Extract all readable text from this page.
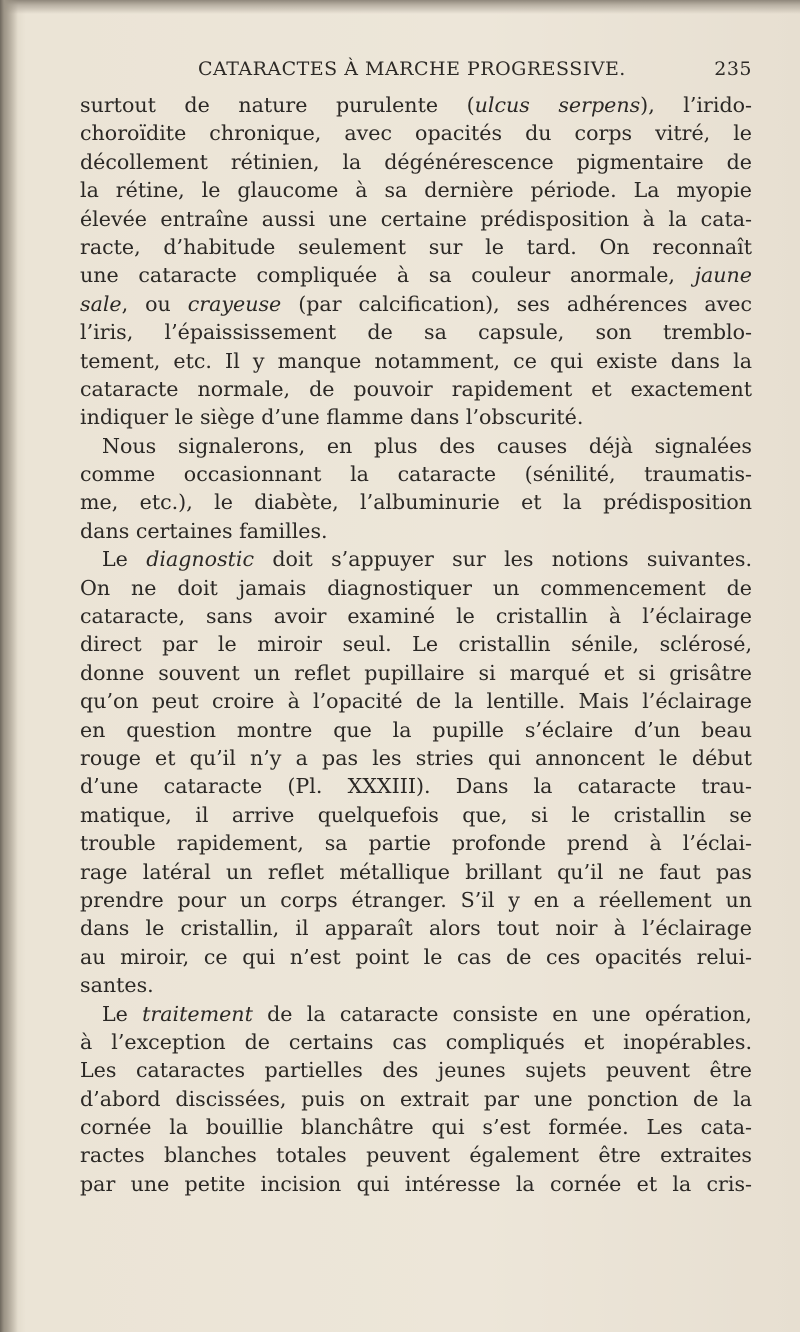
CATARACTES À MARCHE PROGRESSIVE.	235
surtout de nature purulente (ulcus serpens), l’irido-
choroïdite chronique, avec opacités du corps vitré, le
décollement rétinien, la dégénérescence pigmentaire de
la rétine, le glaucome à sa dernière période. La myopie
élevée entraîne aussi une certaine prédisposition à la cata-
racte, d’habitude seulement sur le tard. On reconnaît
une cataracte compliquée à sa couleur anormale, jaune
sale, ou crayeuse (par calcification), ses adhérences avec
l’iris, l’épaississement de sa capsule, son tremblo-
tement, etc. Il y manque notamment, ce qui existe dans la
cataracte normale, de pouvoir rapidement et exactement
indiquer le siège d’une flamme dans l’obscurité.
Nous signalerons, en plus des causes déjà signalées
comme occasionnant la cataracte (sénilité, traumatis-
me, etc.), le diabète, l’albuminurie et la prédisposition
dans certaines familles.
Le diagnostic doit s’appuyer sur les notions suivantes.
On ne doit jamais diagnostiquer un commencement de
cataracte, sans avoir examiné le cristallin à l’éclairage
direct par le miroir seul. Le cristallin sénile, sclérosé,
donne souvent un reflet pupillaire si marqué et si grisâtre
qu’on peut croire à l’opacité de la lentille. Mais l’éclairage
en question montre que la pupille s’éclaire d’un beau
rouge et qu’il n’y a pas les stries qui annoncent le début
d’une cataracte (Pl. XXXIII). Dans la cataracte trau-
matique, il arrive quelquefois que, si le cristallin se
trouble rapidement, sa partie profonde prend à l’éclai-
rage latéral un reflet métallique brillant qu’il ne faut pas
prendre pour un corps étranger. S’il y en a réellement un
dans le cristallin, il apparaît alors tout noir à l’éclairage
au miroir, ce qui n’est point le cas de ces opacités relui-
santes.
Le traitement de la cataracte consiste en une opération,
à l’exception de certains cas compliqués et inopérables.
Les cataractes partielles des jeunes sujets peuvent être
d’abord discissées, puis on extrait par une ponction de la
cornée la bouillie blanchâtre qui s’est formée. Les cata-
ractes blanches totales peuvent également être extraites
par une petite incision qui intéresse la cornée et la cris-
